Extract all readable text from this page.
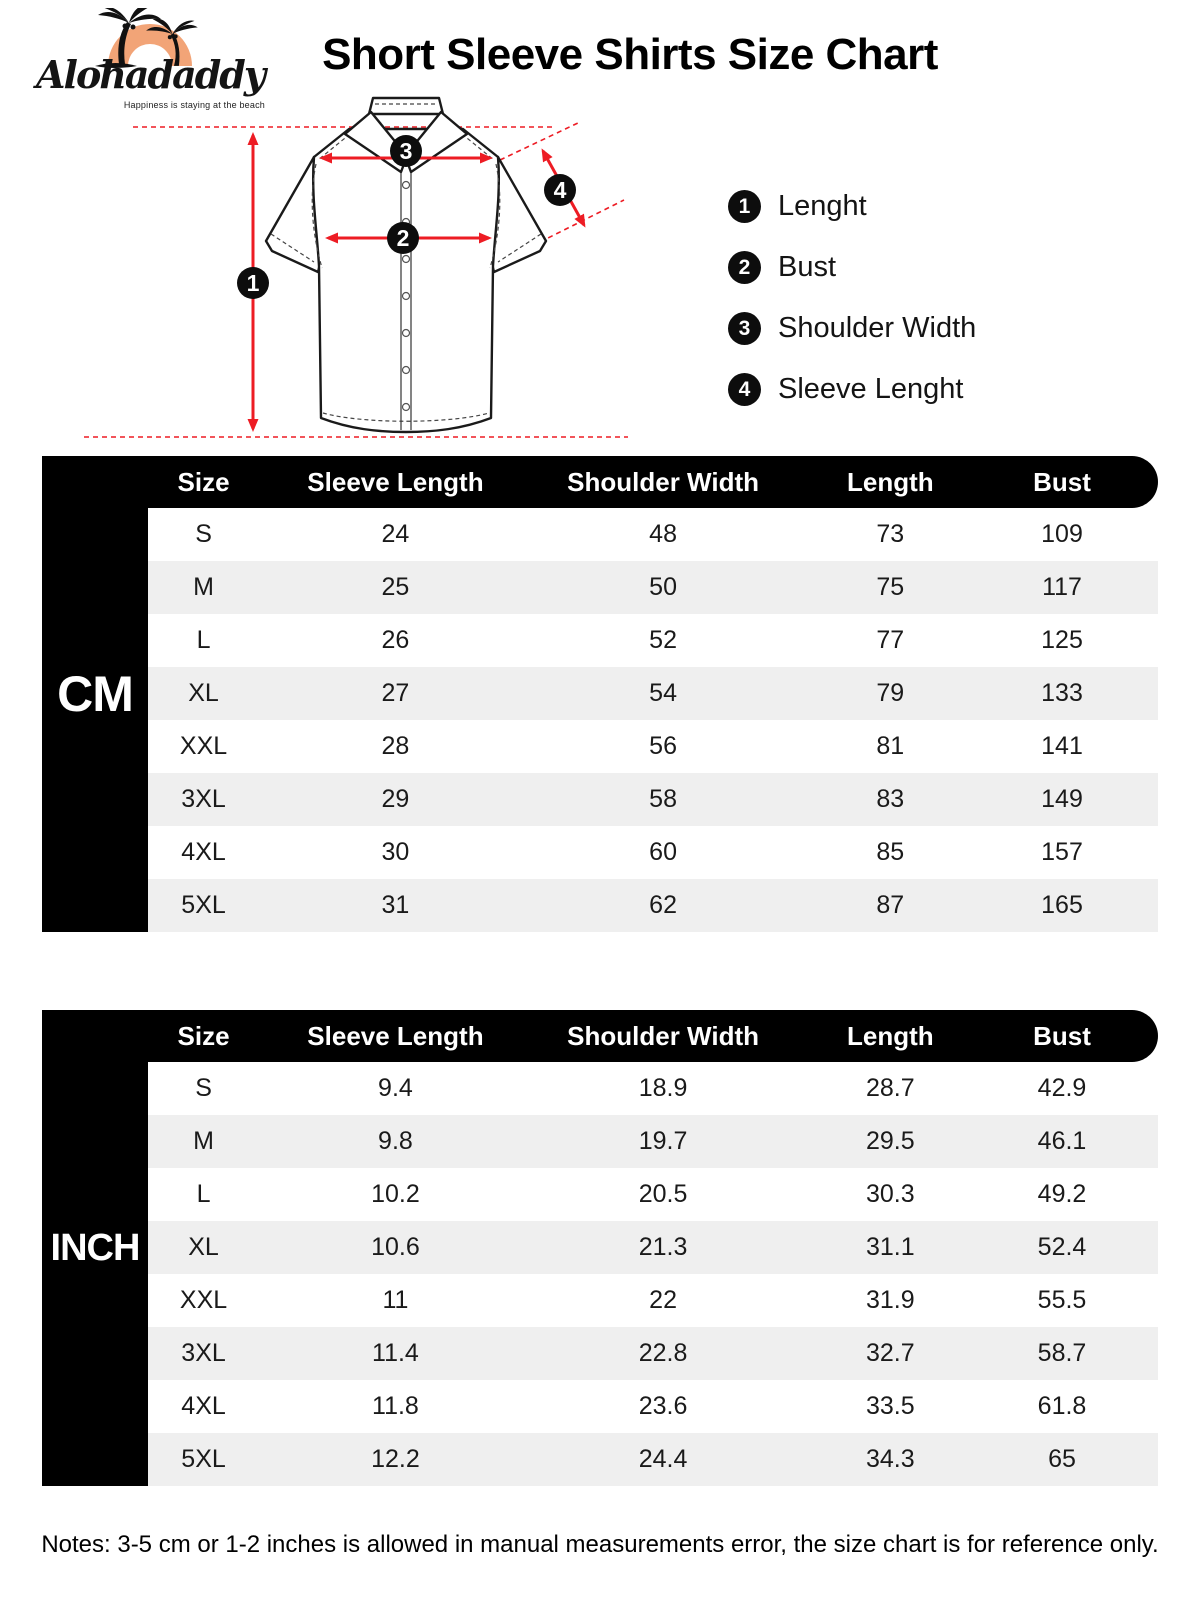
Alohadaddy
Happiness is staying at the beach
Short Sleeve Shirts Size Chart
1
2
3
4
1 Lenght
2 Bust
3 Shoulder Width
4 Sleeve Lenght
CM
Size	Sleeve Length	Shoulder Width	Length	Bust
S	24	48	73	109
M	25	50	75	117
L	26	52	77	125
XL	27	54	79	133
XXL	28	56	81	141
3XL	29	58	83	149
4XL	30	60	85	157
5XL	31	62	87	165
INCH
Size	Sleeve Length	Shoulder Width	Length	Bust
S	9.4	18.9	28.7	42.9
M	9.8	19.7	29.5	46.1
L	10.2	20.5	30.3	49.2
XL	10.6	21.3	31.1	52.4
XXL	11	22	31.9	55.5
3XL	11.4	22.8	32.7	58.7
4XL	11.8	23.6	33.5	61.8
5XL	12.2	24.4	34.3	65
Notes: 3-5 cm or 1-2 inches is allowed in manual measurements error, the size chart is for reference only.
